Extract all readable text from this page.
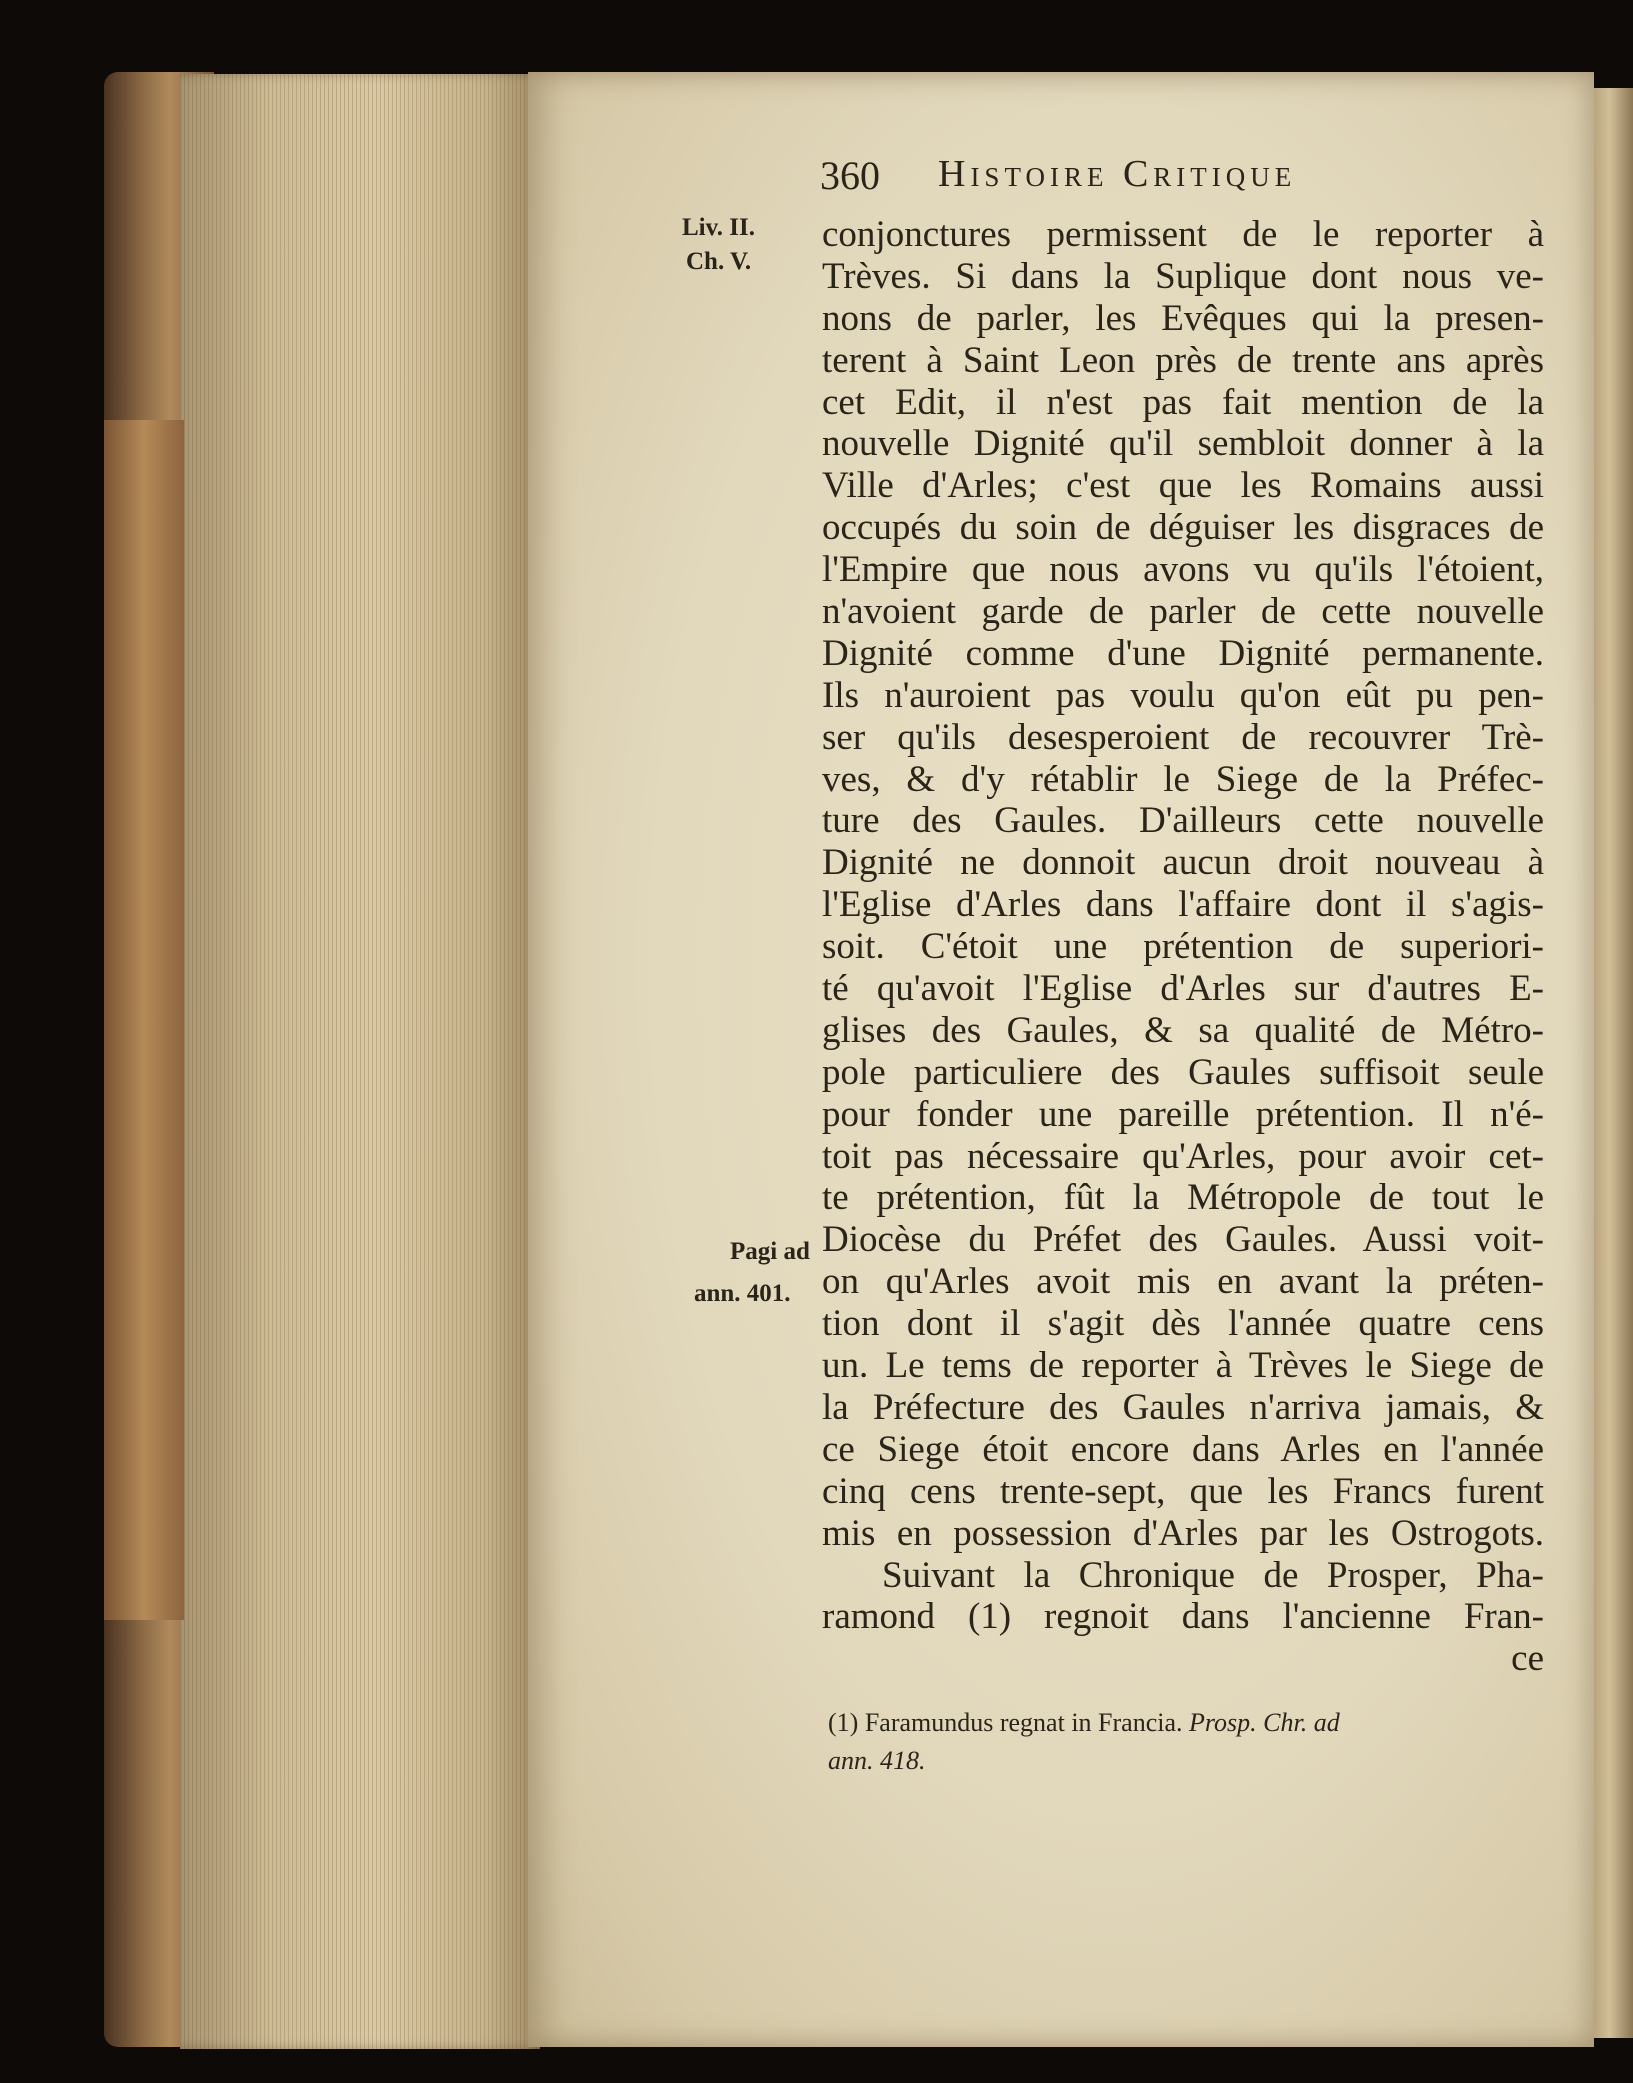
360 Histoire Critique
Liv. II.
Ch. V.
Pagi ad
ann. 401.
conjonctures permissent de le reporter à
Trèves. Si dans la Suplique dont nous ve-
nons de parler, les Evêques qui la presen-
terent à Saint Leon près de trente ans après
cet Edit, il n'est pas fait mention de la
nouvelle Dignité qu'il sembloit donner à la
Ville d'Arles; c'est que les Romains aussi
occupés du soin de déguiser les disgraces de
l'Empire que nous avons vu qu'ils l'étoient,
n'avoient garde de parler de cette nouvelle
Dignité comme d'une Dignité permanente.
Ils n'auroient pas voulu qu'on eût pu pen-
ser qu'ils desesperoient de recouvrer Trè-
ves, & d'y rétablir le Siege de la Préfec-
ture des Gaules. D'ailleurs cette nouvelle
Dignité ne donnoit aucun droit nouveau à
l'Eglise d'Arles dans l'affaire dont il s'agis-
soit. C'étoit une prétention de superiori-
té qu'avoit l'Eglise d'Arles sur d'autres E-
glises des Gaules, & sa qualité de Métro-
pole particuliere des Gaules suffisoit seule
pour fonder une pareille prétention. Il n'é-
toit pas nécessaire qu'Arles, pour avoir cet-
te prétention, fût la Métropole de tout le
Diocèse du Préfet des Gaules. Aussi voit-
on qu'Arles avoit mis en avant la préten-
tion dont il s'agit dès l'année quatre cens
un. Le tems de reporter à Trèves le Siege de
la Préfecture des Gaules n'arriva jamais, &
ce Siege étoit encore dans Arles en l'année
cinq cens trente-sept, que les Francs furent
mis en possession d'Arles par les Ostrogots.
Suivant la Chronique de Prosper, Pha-
ramond (1) regnoit dans l'ancienne Fran-
ce
(1) Faramundus regnat in Francia. Prosp. Chr. ad
ann. 418.
